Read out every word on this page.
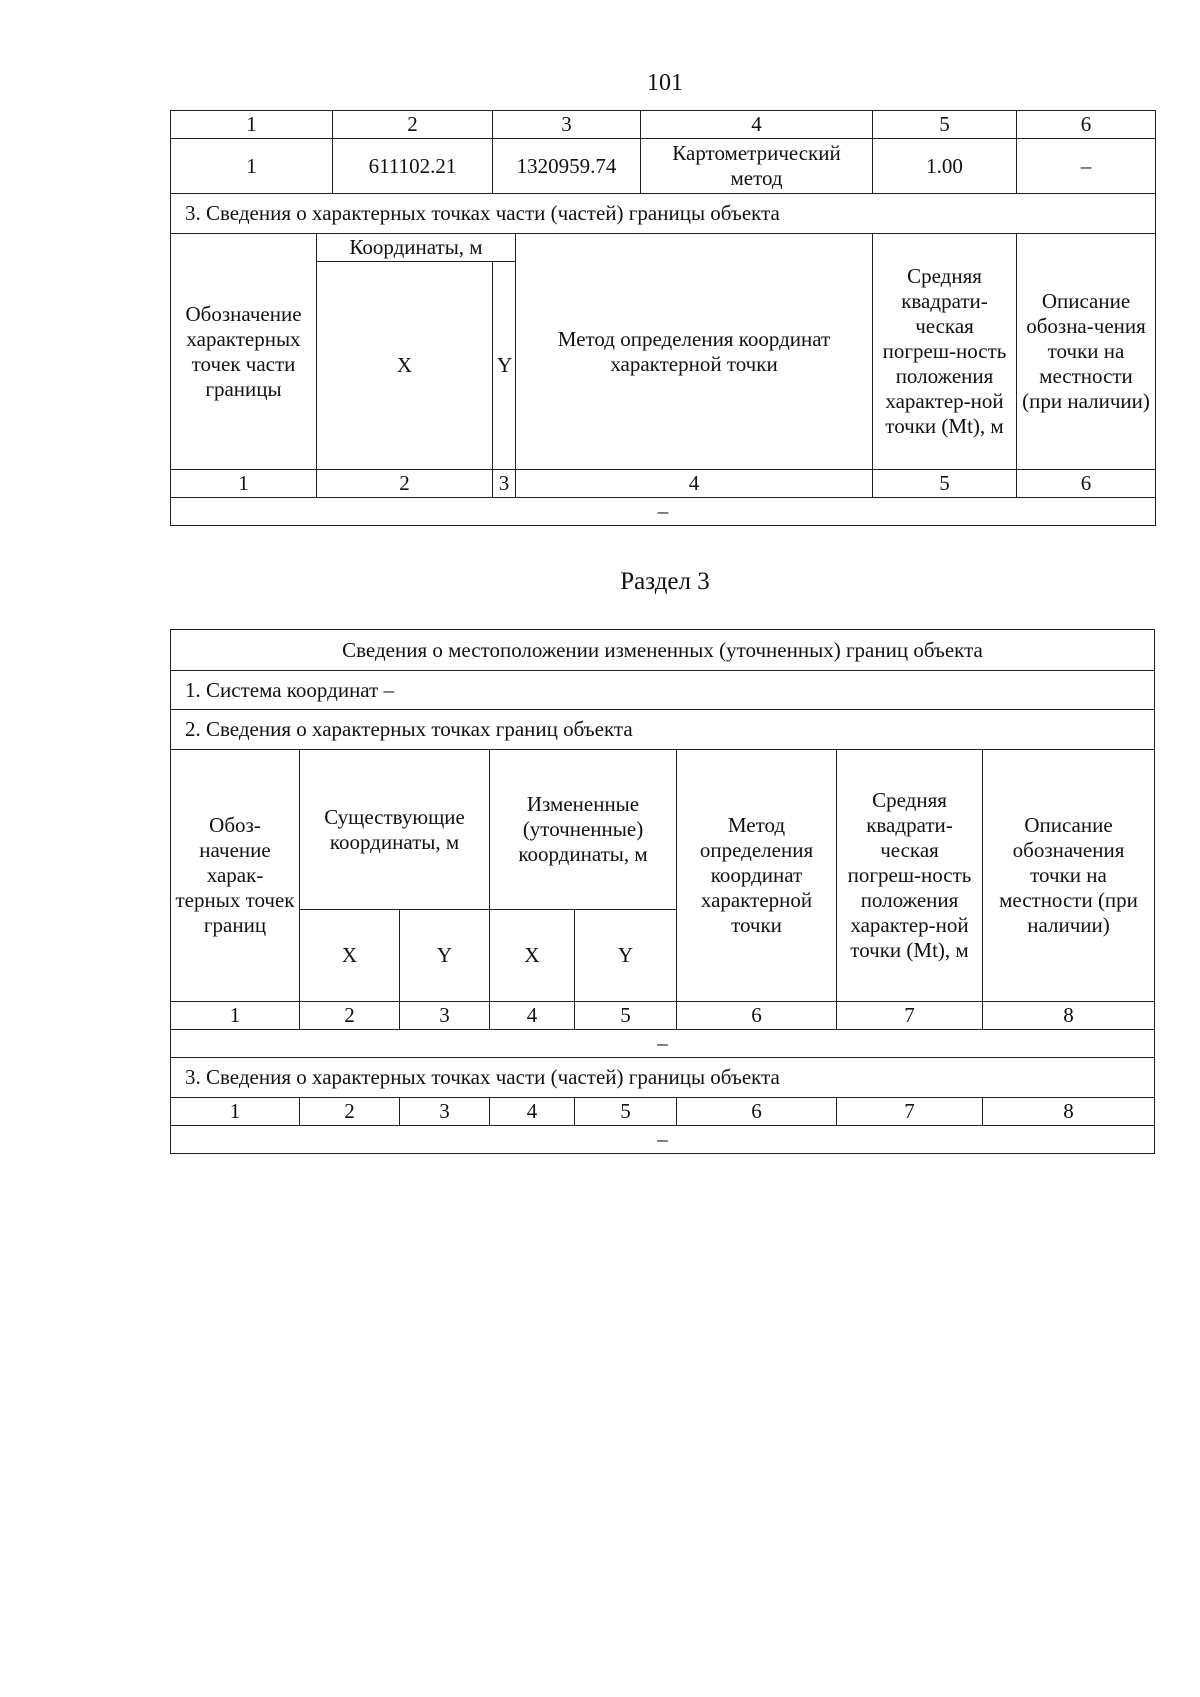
101
1		2	3		4	5	6
1		611102.21	1320959.74		Картометрический метод	1.00	–
3. Сведения о характерных точках части (частей) границы объекта							
Обозначение характерных точек части границы	Координаты, м			Метод определения координат характерной точки		Средняя квадрати-ческая погреш-ность положения характер-ной точки (Mt), м	Описание обозна-чения точки на местности (при наличии)
	X		Y				
1	2		3	4		5	6
–							
Раздел 3
Сведения о местоположении измененных (уточненных) границ объекта							
1. Система координат –							
2. Сведения о характерных точках границ объекта							
Обоз-начение харак-терных точек границ	Существующие координаты, м		Измененные (уточненные) координаты, м		Метод определения координат характерной точки	Средняя квадрати-ческая погреш-ность положения характер-ной точки (Mt), м	Описание обозначения точки на местности (при наличии)
	X	Y	X	Y			
1	2	3	4	5	6	7	8
–							
3. Сведения о характерных точках части (частей) границы объекта							
1	2	3	4	5	6	7	8
–							
